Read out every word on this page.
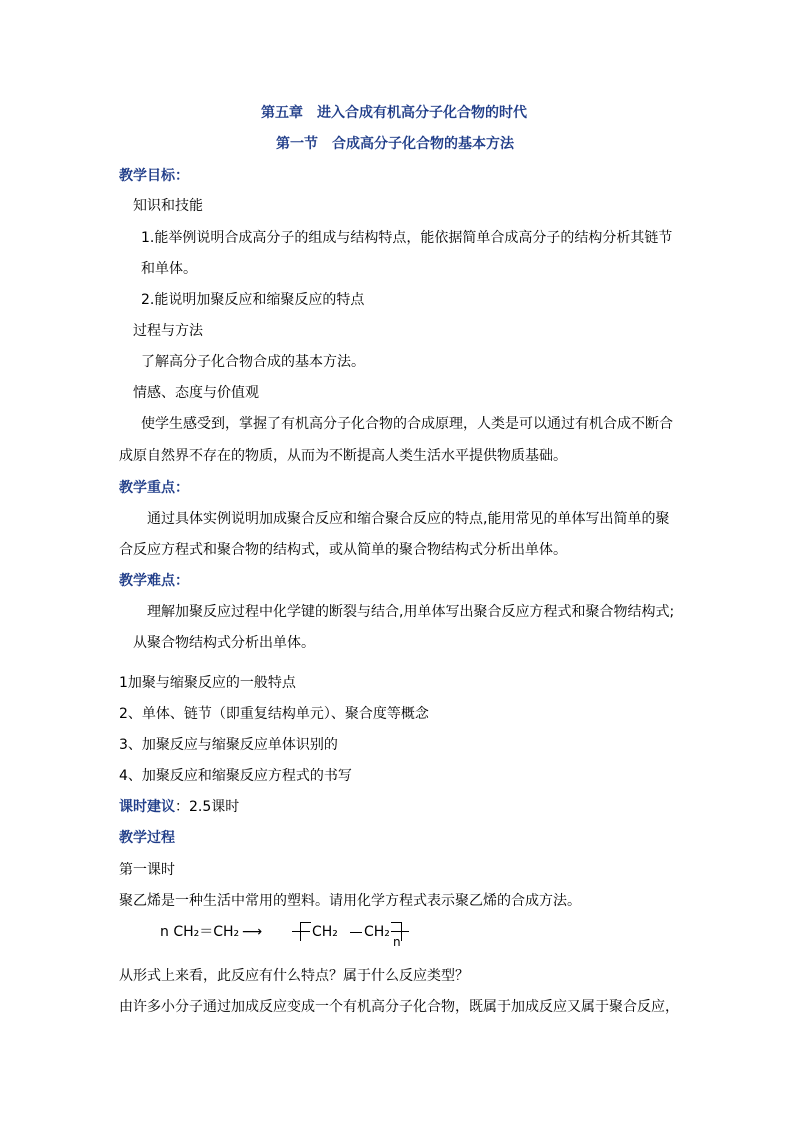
第五章　进入合成有机高分子化合物的时代
第一节　合成高分子化合物的基本方法
教学目标：
知识和技能
1.能举例说明合成高分子的组成与结构特点，能依据简单合成高分子的结构分析其链节
和单体。
2.能说明加聚反应和缩聚反应的特点
过程与方法
了解高分子化合物合成的基本方法。
情感、态度与价值观
使学生感受到，掌握了有机高分子化合物的合成原理，人类是可以通过有机合成不断合
成原自然界不存在的物质，从而为不断提高人类生活水平提供物质基础。
教学重点：
通过具体实例说明加成聚合反应和缩合聚合反应的特点,能用常见的单体写出简单的聚
合反应方程式和聚合物的结构式，或从简单的聚合物结构式分析出单体。
教学难点：
理解加聚反应过程中化学键的断裂与结合,用单体写出聚合反应方程式和聚合物结构式;
从聚合物结构式分析出单体。
1加聚与缩聚反应的一般特点
2、单体、链节（即重复结构单元）、聚合度等概念
3、加聚反应与缩聚反应单体识别的
4、加聚反应和缩聚反应方程式的书写
课时建议：2.5课时
教学过程
第一课时
聚乙烯是一种生活中常用的塑料。请用化学方程式表示聚乙烯的合成方法。
n CH₂＝CH₂ ⟶	CH₂ CH₂
n
从形式上来看，此反应有什么特点？属于什么反应类型？
由许多小分子通过加成反应变成一个有机高分子化合物，既属于加成反应又属于聚合反应，
